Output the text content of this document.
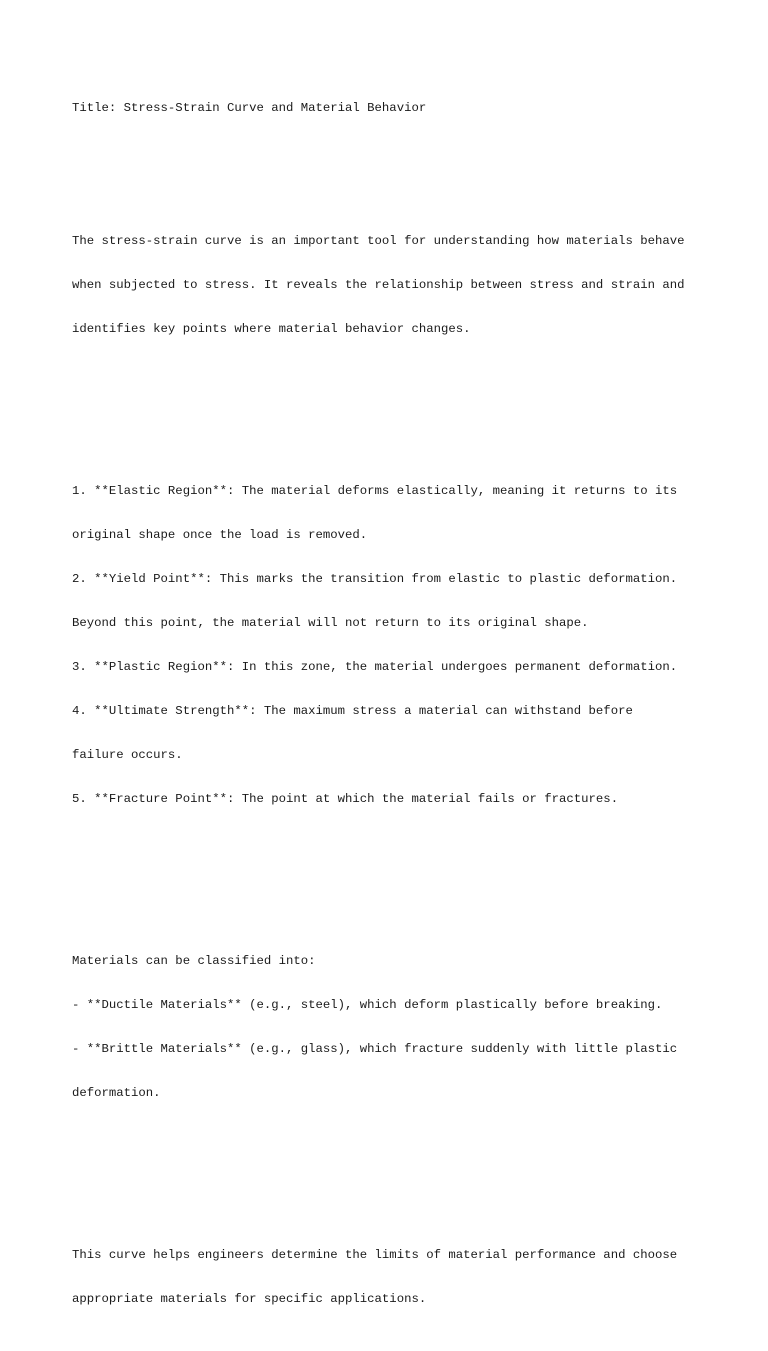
Title: Stress-Strain Curve and Material Behavior

The stress-strain curve is an important tool for understanding how materials behave

when subjected to stress. It reveals the relationship between stress and strain and

identifies key points where material behavior changes.

1. **Elastic Region**: The material deforms elastically, meaning it returns to its

original shape once the load is removed.

2. **Yield Point**: This marks the transition from elastic to plastic deformation.

Beyond this point, the material will not return to its original shape.

3. **Plastic Region**: In this zone, the material undergoes permanent deformation.

4. **Ultimate Strength**: The maximum stress a material can withstand before

failure occurs.

5. **Fracture Point**: The point at which the material fails or fractures.

Materials can be classified into:

- **Ductile Materials** (e.g., steel), which deform plastically before breaking.

- **Brittle Materials** (e.g., glass), which fracture suddenly with little plastic

deformation.

This curve helps engineers determine the limits of material performance and choose

appropriate materials for specific applications.
